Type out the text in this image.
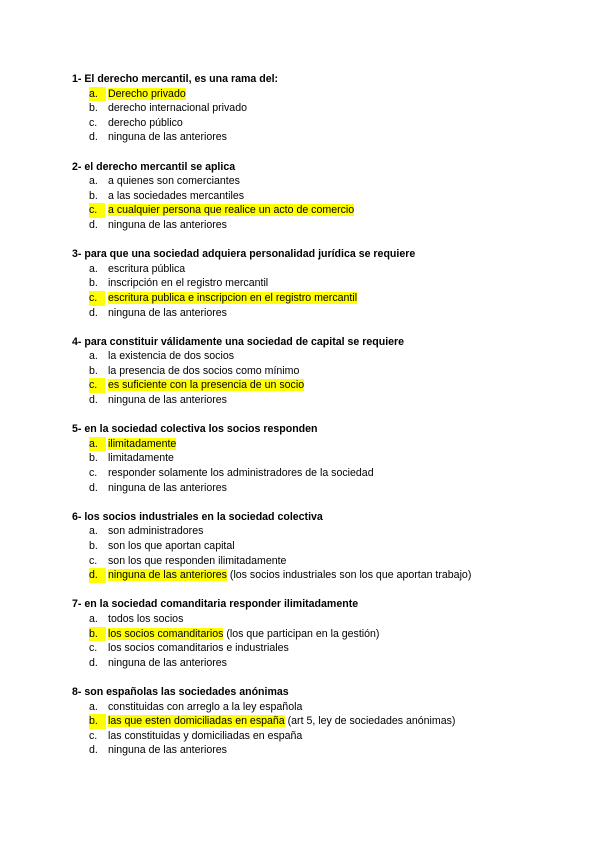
1- El derecho mercantil, es una rama del:
a. Derecho privado
b. derecho internacional privado
c. derecho público
d. ninguna de las anteriores
2- el derecho mercantil se aplica
a. a quienes son comerciantes
b. a las sociedades mercantiles
c.	a cualquier persona que realice un acto de comercio
d. ninguna de las anteriores
3- para que una sociedad adquiera personalidad jurídica se requiere
a. escritura pública
b. inscripción en el registro mercantil
c.	escritura publica e inscripcion en el registro mercantil
d. ninguna de las anteriores
4- para constituir válidamente una sociedad de capital se requiere
a. la existencia de dos socios
b. la presencia de dos socios como mínimo
c.	es suficiente con la presencia de un socio
d. ninguna de las anteriores
5- en la sociedad colectiva los socios responden
a. ilimitadamente
b. limitadamente
c. responder solamente los administradores de la sociedad
d. ninguna de las anteriores
6- los socios industriales en la sociedad colectiva
a. son administradores
b. son los que aportan capital
c. son los que responden ilimitadamente
d. ninguna de las anteriores (los socios industriales son los que aportan trabajo)
7- en la sociedad comanditaria responder ilimitadamente
a. todos los socios
b. los socios comanditarios (los que participan en la gestión)
c. los socios comanditarios e industriales
d. ninguna de las anteriores
8- son españolas las sociedades anónimas
a. constituidas con arreglo a la ley española
b. las que esten domiciliadas en españa (art 5, ley de sociedades anónimas)
c. las constituidas y domiciliadas en españa
d. ninguna de las anteriores
